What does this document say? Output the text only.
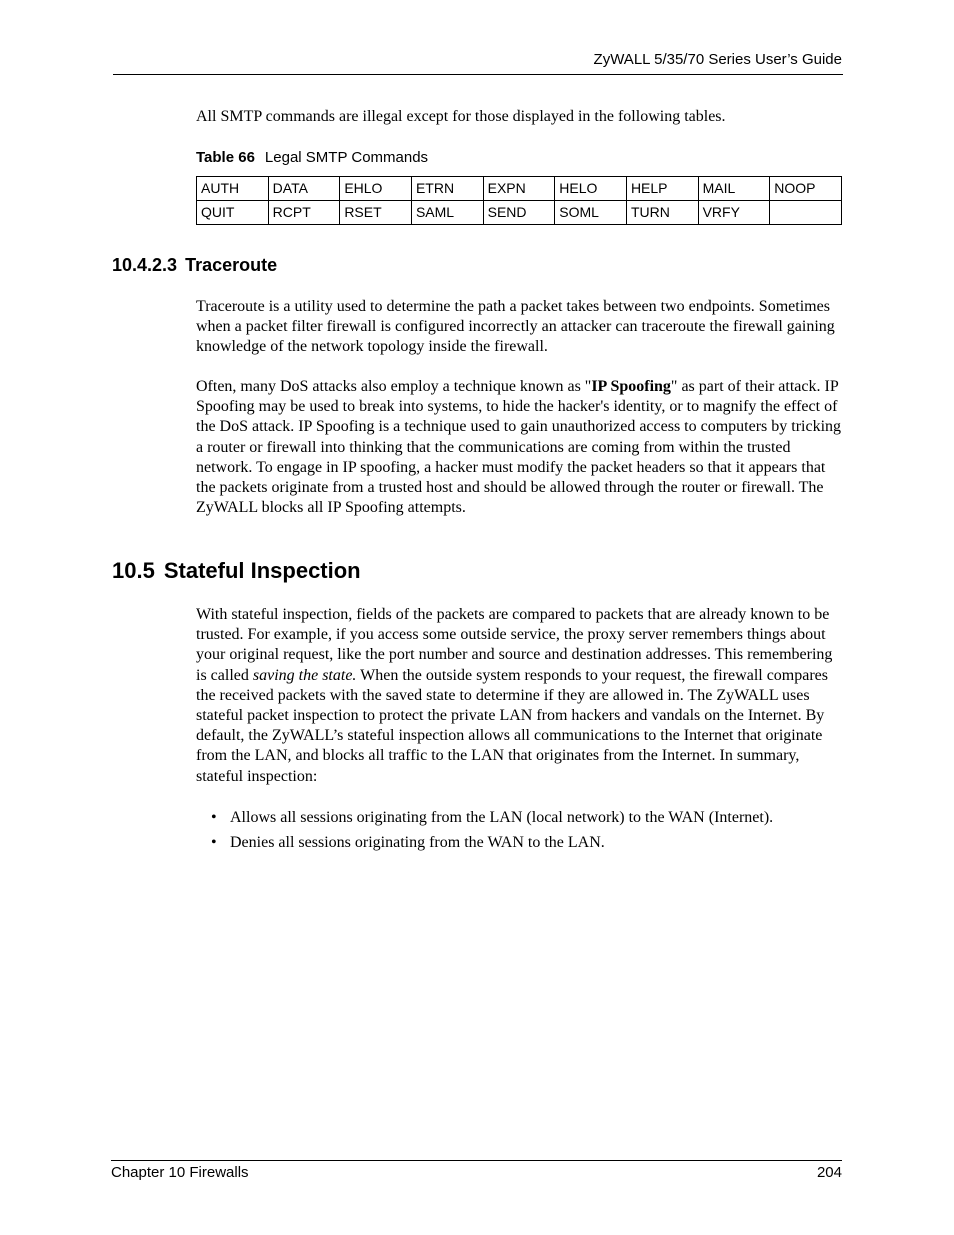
ZyWALL 5/35/70 Series User’s Guide

All SMTP commands are illegal except for those displayed in the following tables.

Table 66 Legal SMTP Commands
AUTH	DATA	EHLO	ETRN	EXPN	HELO	HELP	MAIL	NOOP
QUIT	RCPT	RSET	SAML	SEND	SOML	TURN	VRFY	
10.4.2.3 Traceroute

Traceroute is a utility used to determine the path a packet takes between two endpoints. Sometimes when a packet filter firewall is configured incorrectly an attacker can traceroute the firewall gaining knowledge of the network topology inside the firewall.

Often, many DoS attacks also employ a technique known as "IP Spoofing" as part of their attack. IP Spoofing may be used to break into systems, to hide the hacker's identity, or to magnify the effect of the DoS attack. IP Spoofing is a technique used to gain unauthorized access to computers by tricking a router or firewall into thinking that the communications are coming from within the trusted network. To engage in IP spoofing, a hacker must modify the packet headers so that it appears that the packets originate from a trusted host and should be allowed through the router or firewall. The ZyWALL blocks all IP Spoofing attempts.

10.5 Stateful Inspection

With stateful inspection, fields of the packets are compared to packets that are already known to be trusted. For example, if you access some outside service, the proxy server remembers things about your original request, like the port number and source and destination addresses. This remembering is called saving the state. When the outside system responds to your request, the firewall compares the received packets with the saved state to determine if they are allowed in. The ZyWALL uses stateful packet inspection to protect the private LAN from hackers and vandals on the Internet. By default, the ZyWALL’s stateful inspection allows all communications to the Internet that originate from the LAN, and blocks all traffic to the LAN that originates from the Internet. In summary, stateful inspection:

• Allows all sessions originating from the LAN (local network) to the WAN (Internet).
• Denies all sessions originating from the WAN to the LAN.
Chapter 10 Firewalls	204
